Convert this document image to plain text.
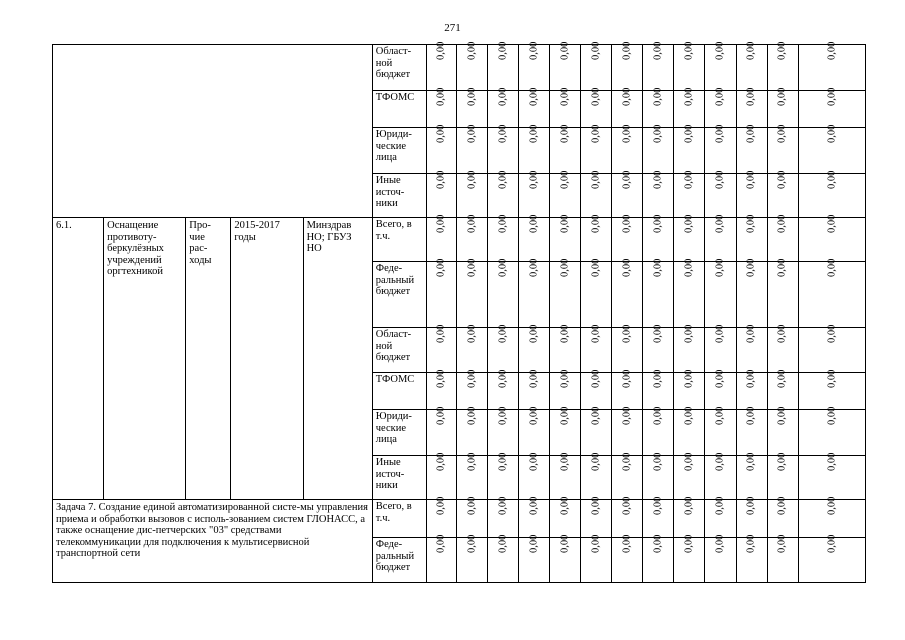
271

					Област-
ной
бюджет	0,00	0,00	0,00	0,00	0,00	0,00	0,00	0,00	0,00	0,00	0,00	0,00	0,00

					ТФОМС	0,00	0,00	0,00	0,00	0,00	0,00	0,00	0,00	0,00	0,00	0,00	0,00	0,00

					Юриди-
ческие
лица	0,00	0,00	0,00	0,00	0,00	0,00	0,00	0,00	0,00	0,00	0,00	0,00	0,00

					Иные
источ-
ники	0,00	0,00	0,00	0,00	0,00	0,00	0,00	0,00	0,00	0,00	0,00	0,00	0,00

6.1.	Оснащение противоту-беркулёзных учреждений оргтехникой	Про-
чие
рас-
ходы	2015-2017
годы	Минздрав НО; ГБУЗ НО	Всего, в
т.ч.	0,00	0,00	0,00	0,00	0,00	0,00	0,00	0,00	0,00	0,00	0,00	0,00	0,00

					Феде-
ральный
бюджет	0,00	0,00	0,00	0,00	0,00	0,00	0,00	0,00	0,00	0,00	0,00	0,00	0,00

					Област-
ной
бюджет	0,00	0,00	0,00	0,00	0,00	0,00	0,00	0,00	0,00	0,00	0,00	0,00	0,00

					ТФОМС	0,00	0,00	0,00	0,00	0,00	0,00	0,00	0,00	0,00	0,00	0,00	0,00	0,00

					Юриди-
ческие
лица	0,00	0,00	0,00	0,00	0,00	0,00	0,00	0,00	0,00	0,00	0,00	0,00	0,00

					Иные
источ-
ники	0,00	0,00	0,00	0,00	0,00	0,00	0,00	0,00	0,00	0,00	0,00	0,00	0,00

Задача 7. Создание единой автоматизированной систе-мы управления приема и обработки вызовов с исполь-зованием систем ГЛОНАСС, а также оснащение дис-петчерских "03" средствами телекоммуникации для подключения к мультисервисной транспортной сети					Всего, в
т.ч.	0,00	0,00	0,00	0,00	0,00	0,00	0,00	0,00	0,00	0,00	0,00	0,00	0,00

					Феде-
ральный
бюджет	0,00	0,00	0,00	0,00	0,00	0,00	0,00	0,00	0,00	0,00	0,00	0,00	0,00
